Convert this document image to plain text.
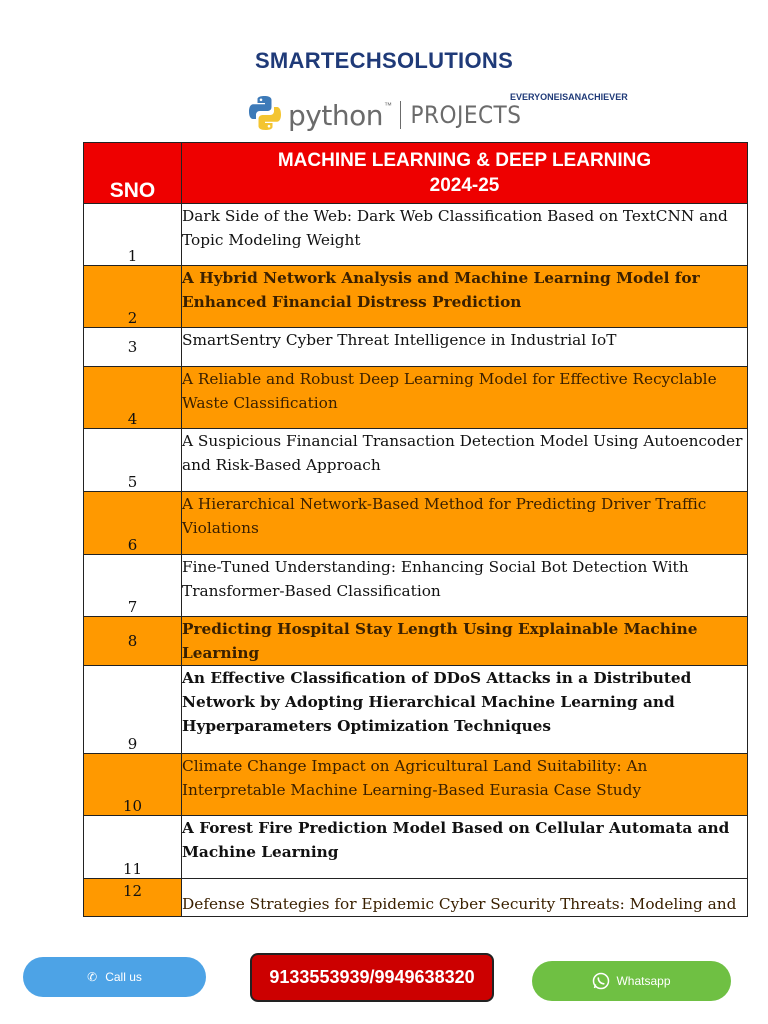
SMARTECHSOLUTIONS
EVERYONEISANACHIEVER
python ™ PROJECTS
SNO	MACHINE LEARNING & DEEP LEARNING
2024-25

1	Dark Side of the Web: Dark Web Classification Based on TextCNN and Topic Modeling Weight
2	A Hybrid Network Analysis and Machine Learning Model for Enhanced Financial Distress Prediction
3	SmartSentry Cyber Threat Intelligence in Industrial IoT
4	A Reliable and Robust Deep Learning Model for Effective Recyclable Waste Classification
5	A Suspicious Financial Transaction Detection Model Using Autoencoder and Risk-Based Approach
6	A Hierarchical Network-Based Method for Predicting Driver Traffic Violations
7	Fine-Tuned Understanding: Enhancing Social Bot Detection With Transformer-Based Classification
8	Predicting Hospital Stay Length Using Explainable Machine Learning
9	An Effective Classification of DDoS Attacks in a Distributed Network by Adopting Hierarchical Machine Learning and Hyperparameters Optimization Techniques
10	Climate Change Impact on Agricultural Land Suitability: An Interpretable Machine Learning-Based Eurasia Case Study
11	A Forest Fire Prediction Model Based on Cellular Automata and Machine Learning
12	Defense Strategies for Epidemic Cyber Security Threats: Modeling and
✆ Call us	9133553939/9949638320	Whatsapp
